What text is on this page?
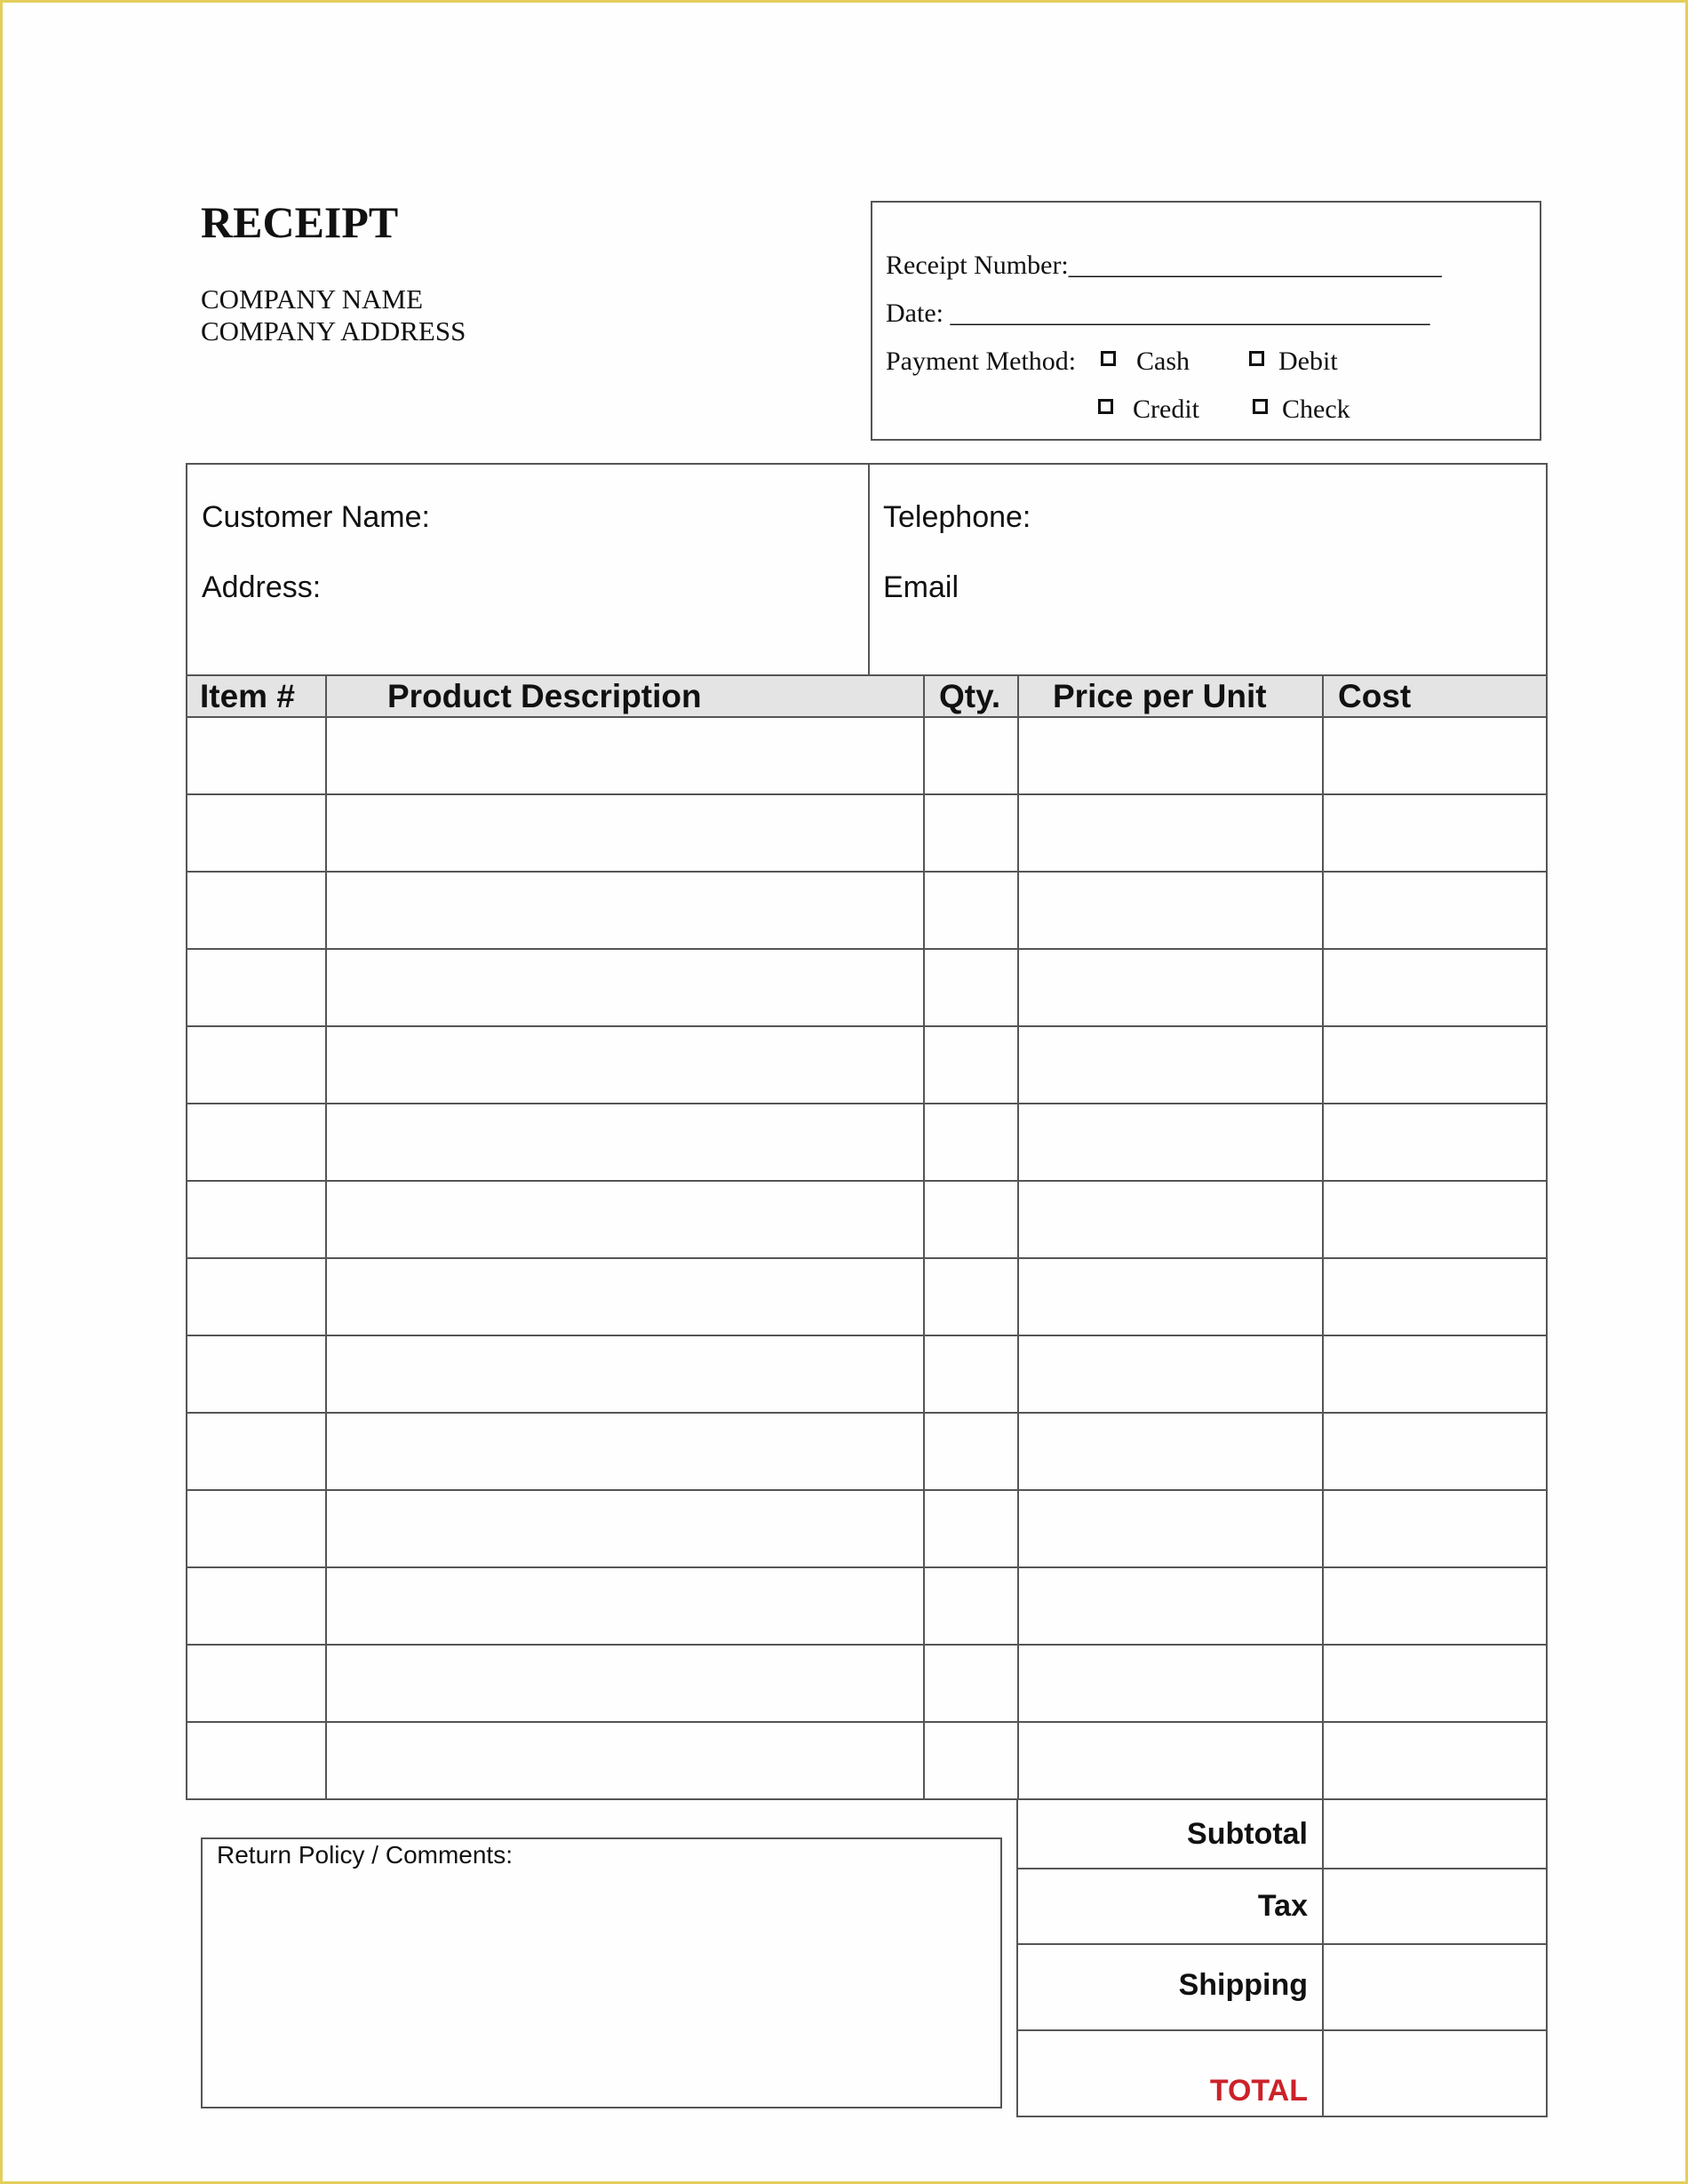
RECEIPT
COMPANY NAME
COMPANY ADDRESS
Receipt Number:____________________________
Date: ____________________________________
Payment Method: Cash	Debit
Credit	Check
Customer Name:
Address:
Telephone:
Email
Item #	Product Description	Qty.	Price per Unit	Cost

Return Policy / Comments:
Subtotal	
Tax	
Shipping	
TOTAL	
